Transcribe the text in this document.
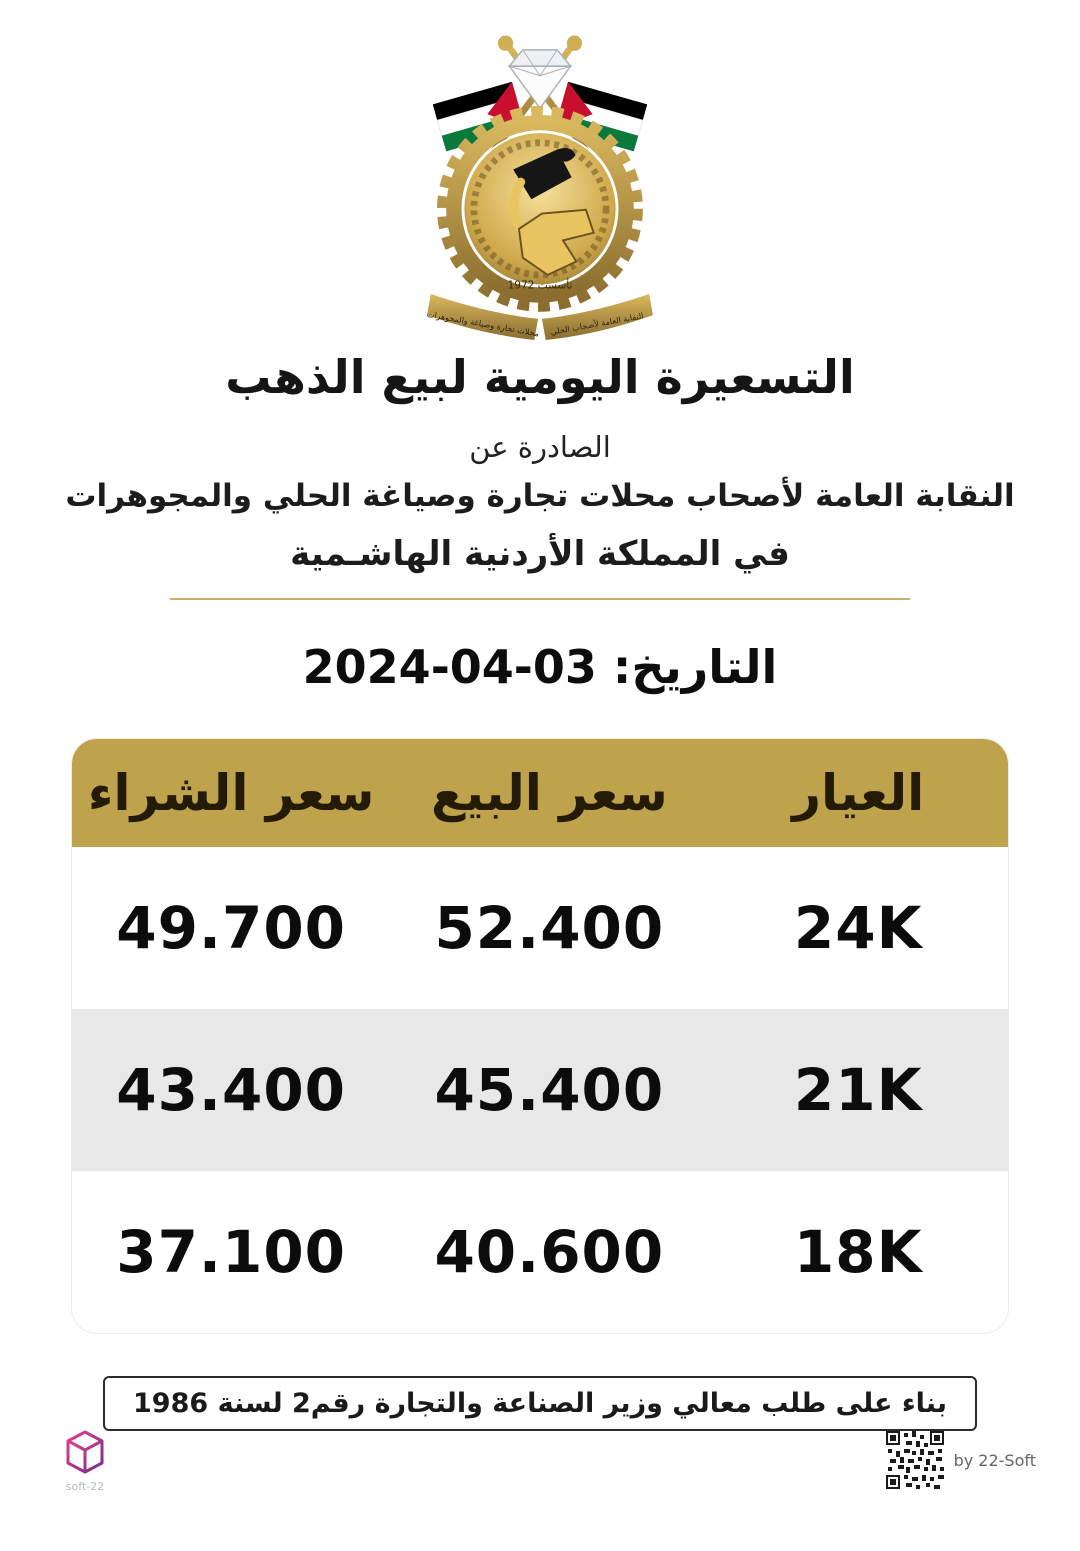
تأسست 1972
محلات تجارة وصياغة والمجوهرات النقابة العامة لأصحاب الحلي
التسعيرة اليومية لبيع الذهب
الصادرة عن
النقابة العامة لأصحاب محلات تجارة وصياغة الحلي والمجوهرات
في المملكة الأردنية الهاشـمية
التاريخ: 03-04-2024
العيار
سعر البيع
سعر الشراء
24K
52.400
49.700
21K
45.400
43.400
18K
40.600
37.100
بناء على طلب معالي وزير الصناعة والتجارة رقم2 لسنة 1986
22-soft
by 22-Soft
